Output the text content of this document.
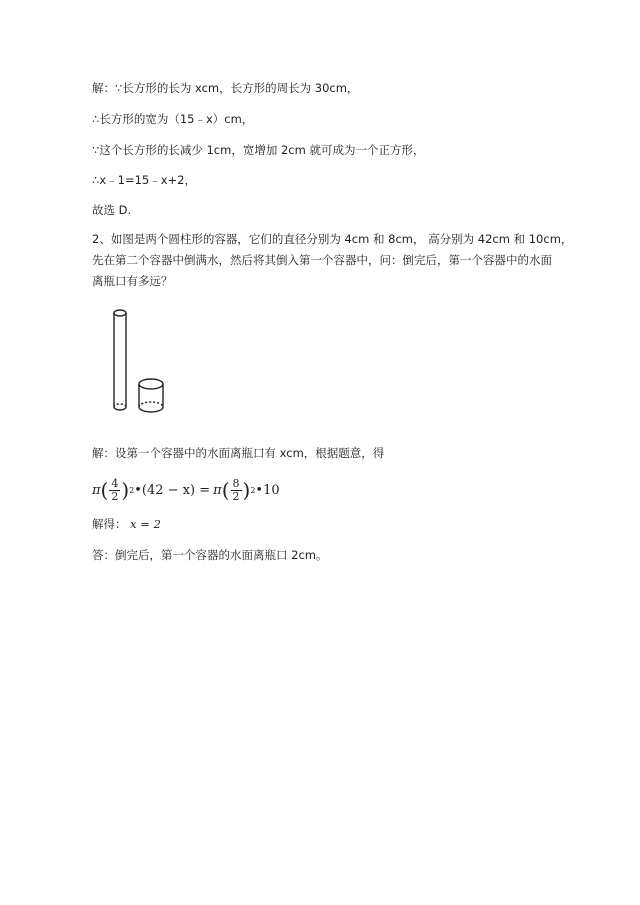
解：∵长方形的长为 xcm，长方形的周长为 30cm，
∴长方形的宽为（15﹣x）cm，
∵这个长方形的长减少 1cm，宽增加 2cm 就可成为一个正方形，
∴x﹣1=15﹣x+2，
故选 D.

2、如图是两个圆柱形的容器，它们的直径分别为 4cm 和 8cm， 高分别为 42cm 和 10cm，

先在第二个容器中倒满水，然后将其倒入第一个容器中，问：倒完后，第一个容器中的水面

离瓶口有多远？

解：设第一个容器中的水面离瓶口有 xcm，根据题意，得
π ( $\frac{4}{2}$ ) 2 •(42 − x) = π ( $\frac{8}{2}$ ) 2 •10
解得： x = 2
答：倒完后，第一个容器的水面离瓶口 2cm。
